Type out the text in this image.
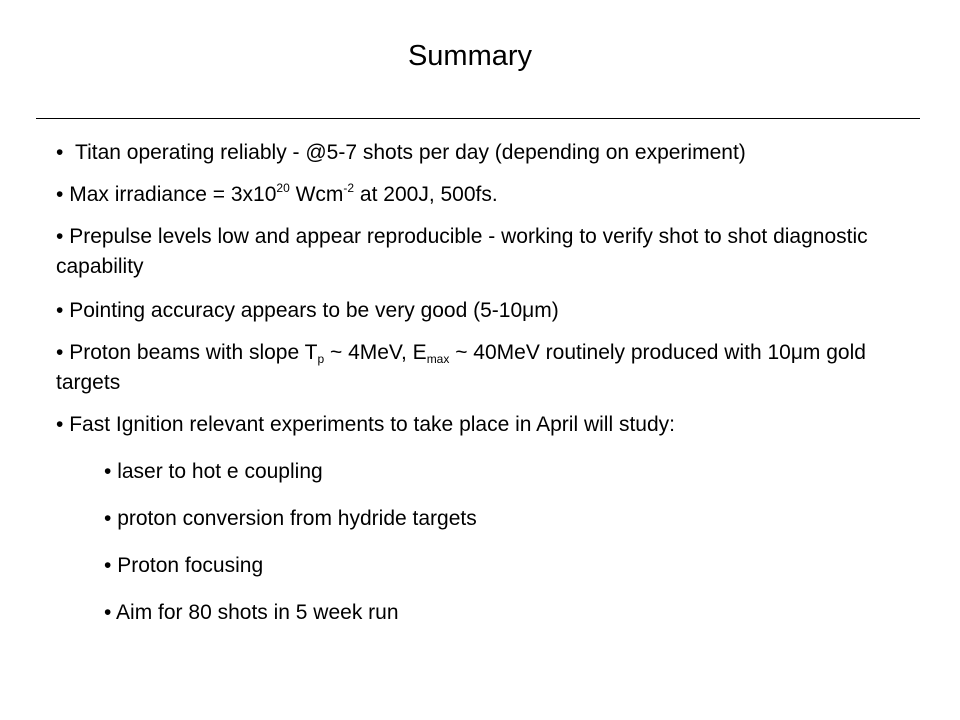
Summary

• Titan operating reliably - @5-7 shots per day (depending on experiment)

• Max irradiance = $3x10^{20}$ Wcm$^{-2}$ at 200J, 500fs.

• Prepulse levels low and appear reproducible - working to verify shot to shot diagnostic capability

• Pointing accuracy appears to be very good (5-10μm)

• Proton beams with slope $T_p$ ~ 4MeV, $E_{max}$ ~ 40MeV routinely produced with 10μm gold targets

• Fast Ignition relevant experiments to take place in April will study:

• laser to hot e coupling

• proton conversion from hydride targets

• Proton focusing

• Aim for 80 shots in 5 week run
